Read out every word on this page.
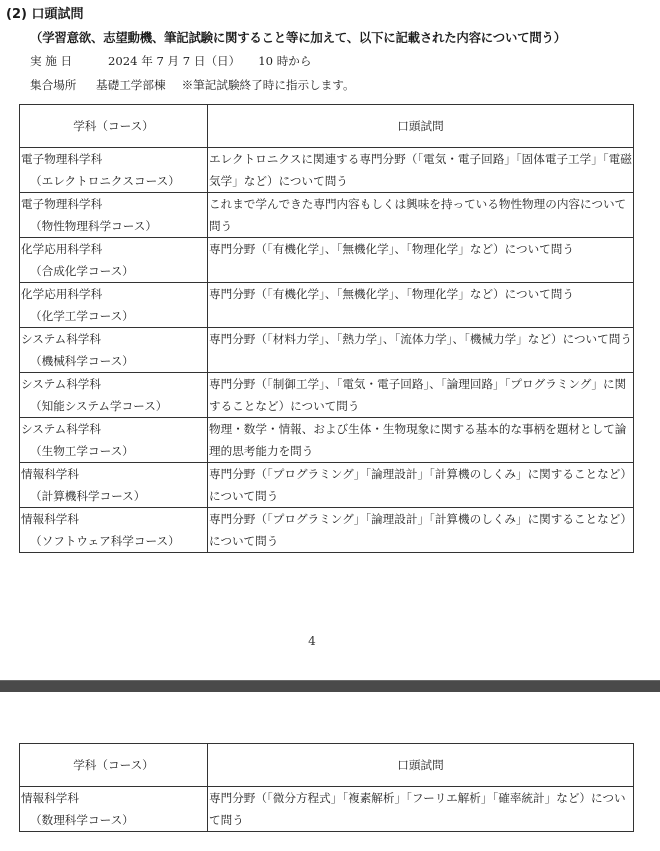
(2) 口頭試問
（学習意欲、志望動機、筆記試験に関すること等に加えて、以下に記載された内容について問う）
実 施 日	2024 年 7 月 7 日（日） 10 時から
集合場所 基礎工学部棟 ※筆記試験終了時に指示します。
学科（コース）	口頭試問

電子物理科学科
（エレクトロニクスコース）	エレクトロニクスに関連する専門分野（「電気・電子回路」「固体電子工学」「電磁気学」など）について問う

電子物理科学科
（物性物理科学コース）	これまで学んできた専門内容もしくは興味を持っている物性物理の内容について問う

化学応用科学科
（合成化学コース）	専門分野（「有機化学」、「無機化学」、「物理化学」など）について問う

化学応用科学科
（化学工学コース）	専門分野（「有機化学」、「無機化学」、「物理化学」など）について問う

システム科学科
（機械科学コース）	専門分野（「材料力学」、「熱力学」、「流体力学」、「機械力学」など）について問う

システム科学科
（知能システム学コース）	専門分野（「制御工学」、「電気・電子回路」、「論理回路」「プログラミング」に関することなど）について問う

システム科学科
（生物工学コース）	物理・数学・情報、および生体・生物現象に関する基本的な事柄を題材として論理的思考能力を問う

情報科学科
（計算機科学コース）	専門分野（「プログラミング」「論理設計」「計算機のしくみ」に関することなど）について問う

情報科学科
（ソフトウェア科学コース）	専門分野（「プログラミング」「論理設計」「計算機のしくみ」に関することなど）について問う
4
学科（コース）	口頭試問

情報科学科
（数理科学コース）	専門分野（「微分方程式」「複素解析」「フーリエ解析」「確率統計」など）について問う
